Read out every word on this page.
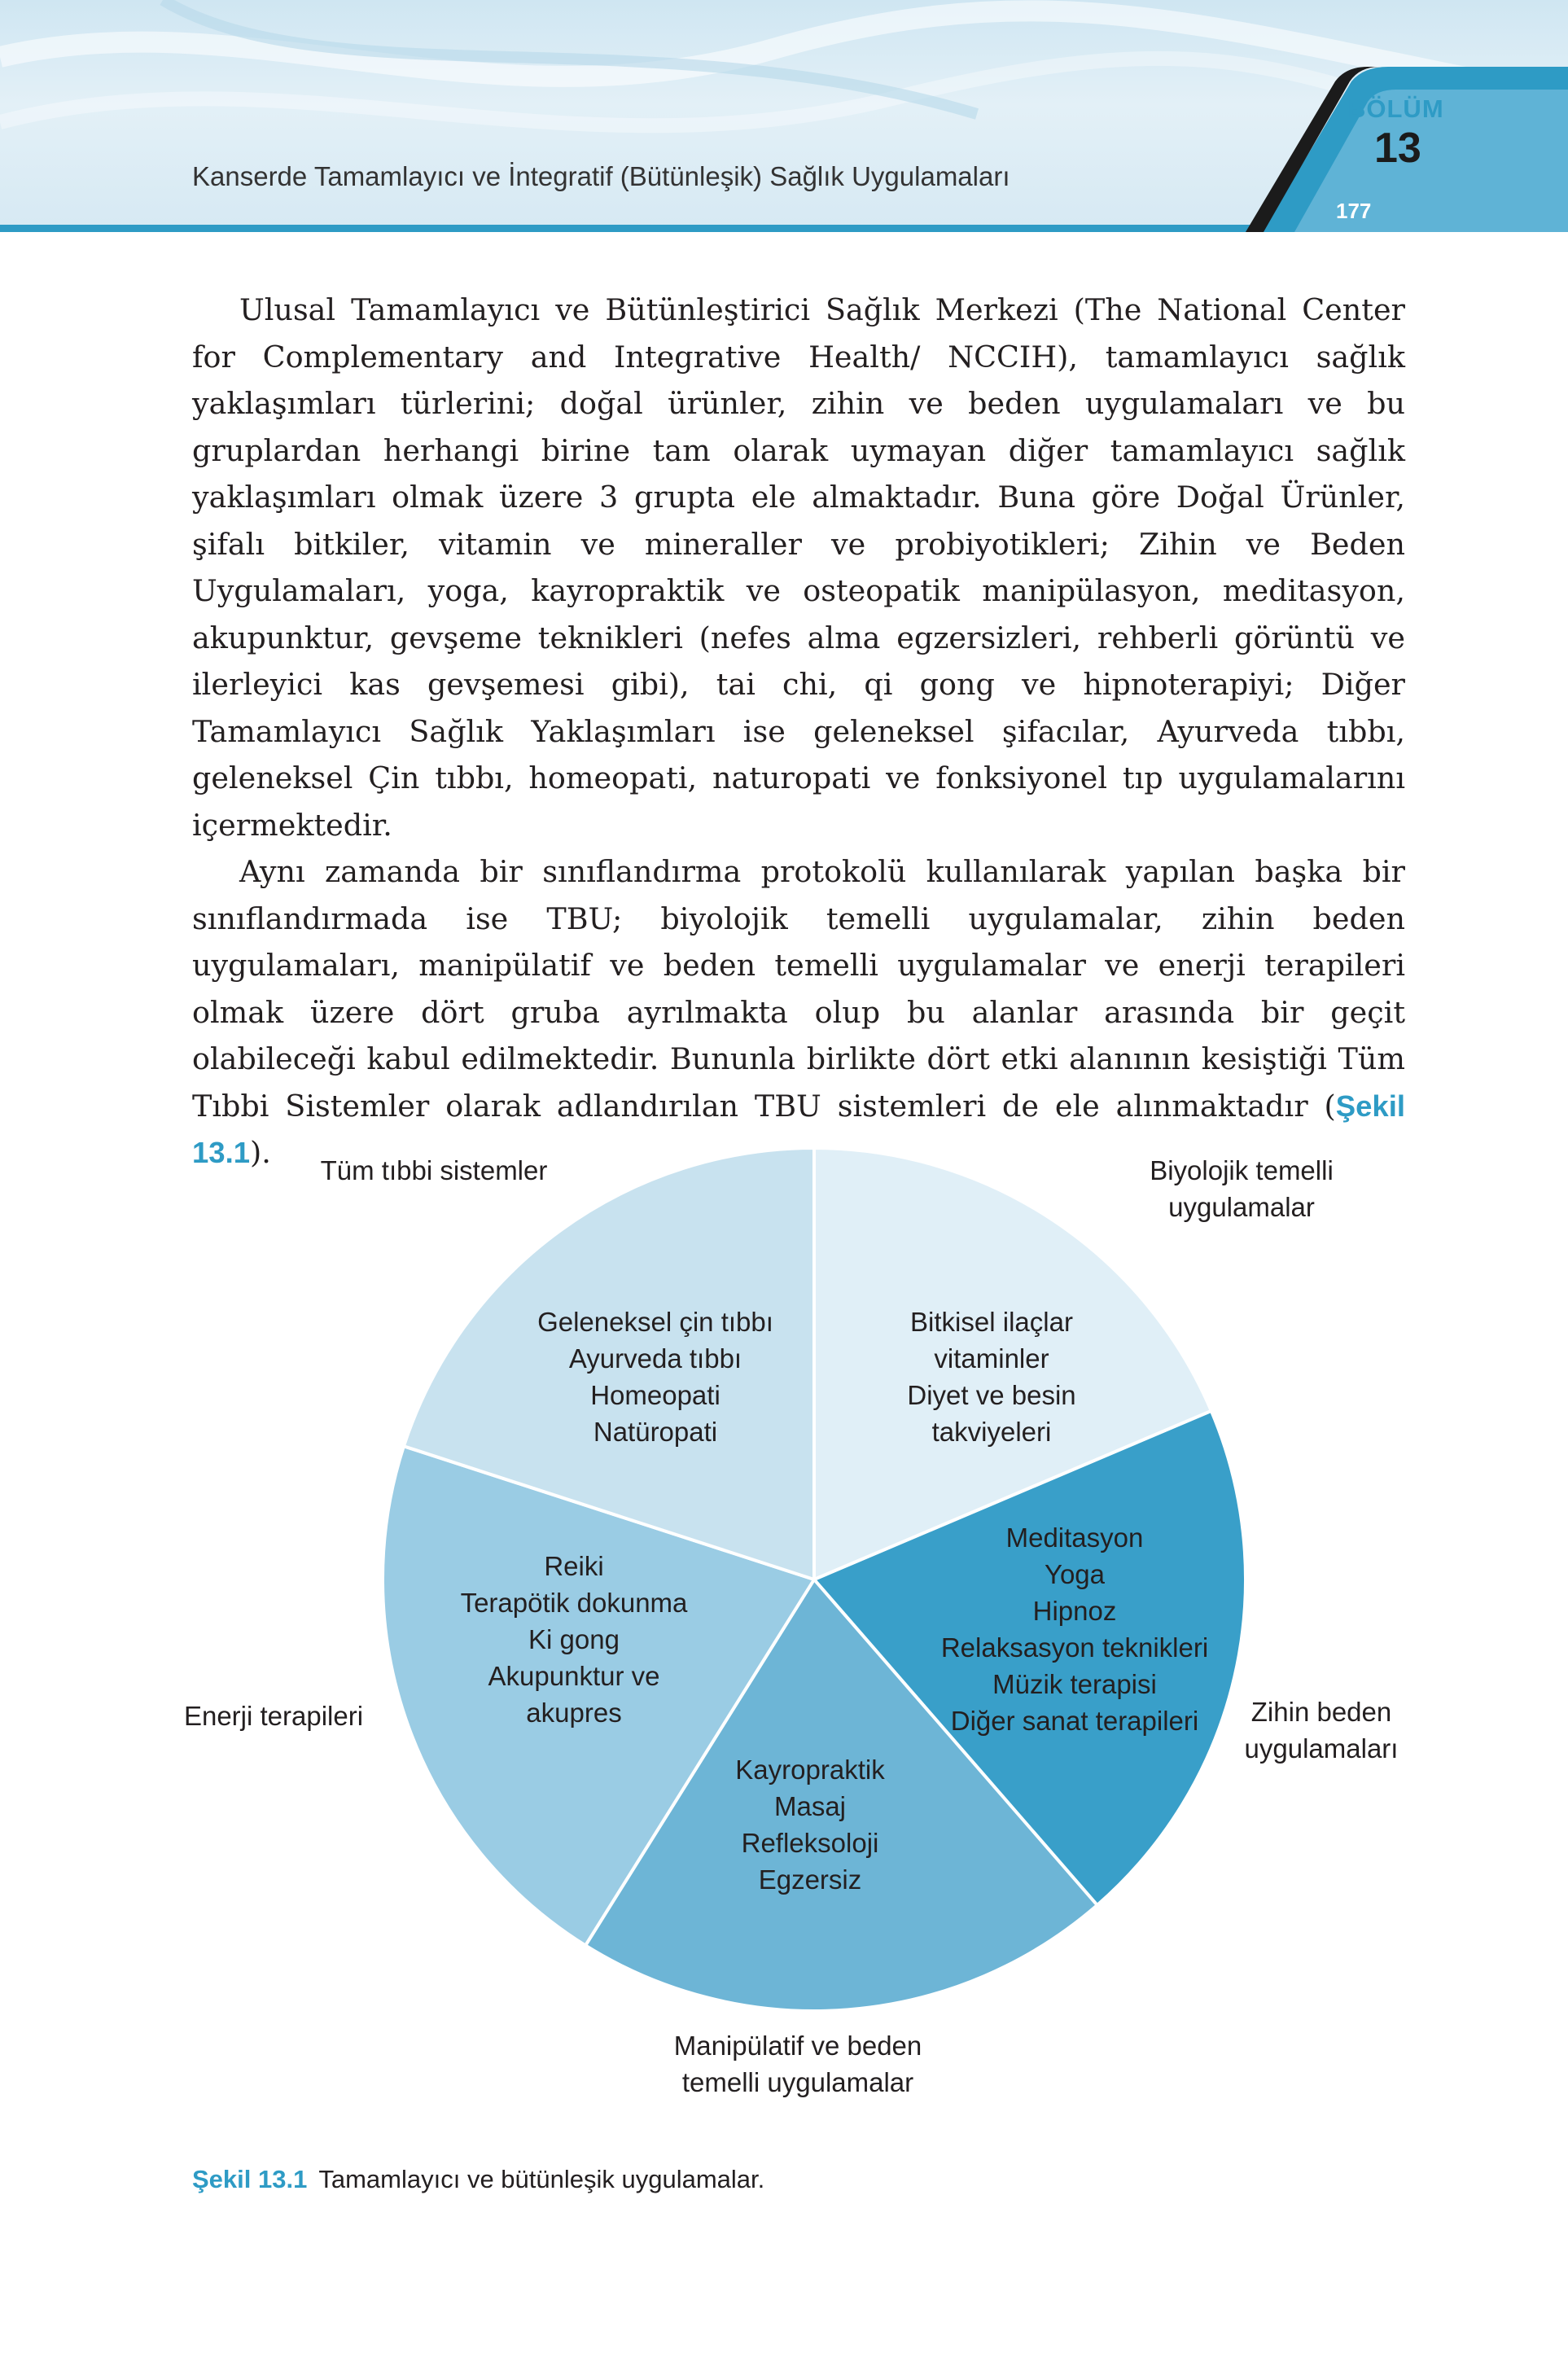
Kanserde Tamamlayıcı ve İntegratif (Bütünleşik) Sağlık Uygulamaları
BÖLÜM
13
177

Ulusal Tamamlayıcı ve Bütünleştirici Sağlık Merkezi (The National Center for Complementary and Integrative Health/ NCCIH), tamamlayıcı sağlık yaklaşımları türlerini; doğal ürünler, zihin ve beden uygulamaları ve bu gruplardan herhangi birine tam olarak uymayan diğer tamamlayıcı sağlık yaklaşımları olmak üzere 3 grupta ele almaktadır. Buna göre Doğal Ürünler, şifalı bitkiler, vitamin ve mineraller ve probiyotikleri; Zihin ve Beden Uygulamaları, yoga, kayropraktik ve osteopatik manipülasyon, meditasyon, akupunktur, gevşeme teknikleri (nefes alma egzersizleri, rehberli görüntü ve ilerleyici kas gevşemesi gibi), tai chi, qi gong ve hipnoterapiyi; Diğer Tamamlayıcı Sağlık Yaklaşımları ise geleneksel şifacılar, Ayurveda tıbbı, geleneksel Çin tıbbı, homeopati, naturopati ve fonksiyonel tıp uygulamalarını içermektedir.

Aynı zamanda bir sınıflandırma protokolü kullanılarak yapılan başka bir sınıflandırmada ise TBU; biyolojik temelli uygulamalar, zihin beden uygulamaları, manipülatif ve beden temelli uygulamalar ve enerji terapileri olmak üzere dört gruba ayrılmakta olup bu alanlar arasında bir geçit olabileceği kabul edilmektedir. Bununla birlikte dört etki alanının kesiştiği Tüm Tıbbi Sistemler olarak adlandırılan TBU sistemleri de ele alınmaktadır (Şekil 13.1).

Bitkisel ilaçlar
vitaminler
Diyet ve besin
takviyeleri
Meditasyon
Yoga
Hipnoz
Relaksasyon teknikleri
Müzik terapisi
Diğer sanat terapileri
Kayropraktik
Masaj
Refleksoloji
Egzersiz
Reiki
Terapötik dokunma
Ki gong
Akupunktur ve
akupres
Geleneksel çin tıbbı
Ayurveda tıbbı
Homeopati
Natüropati
Şekil 13.1 Tamamlayıcı ve bütünleşik uygulamalar.
Biyolojik temelli
uygulamalar
Zihin beden
uygulamaları
Manipülatif ve beden
temelli uygulamalar
Enerji terapileri
Tüm tıbbi sistemler
